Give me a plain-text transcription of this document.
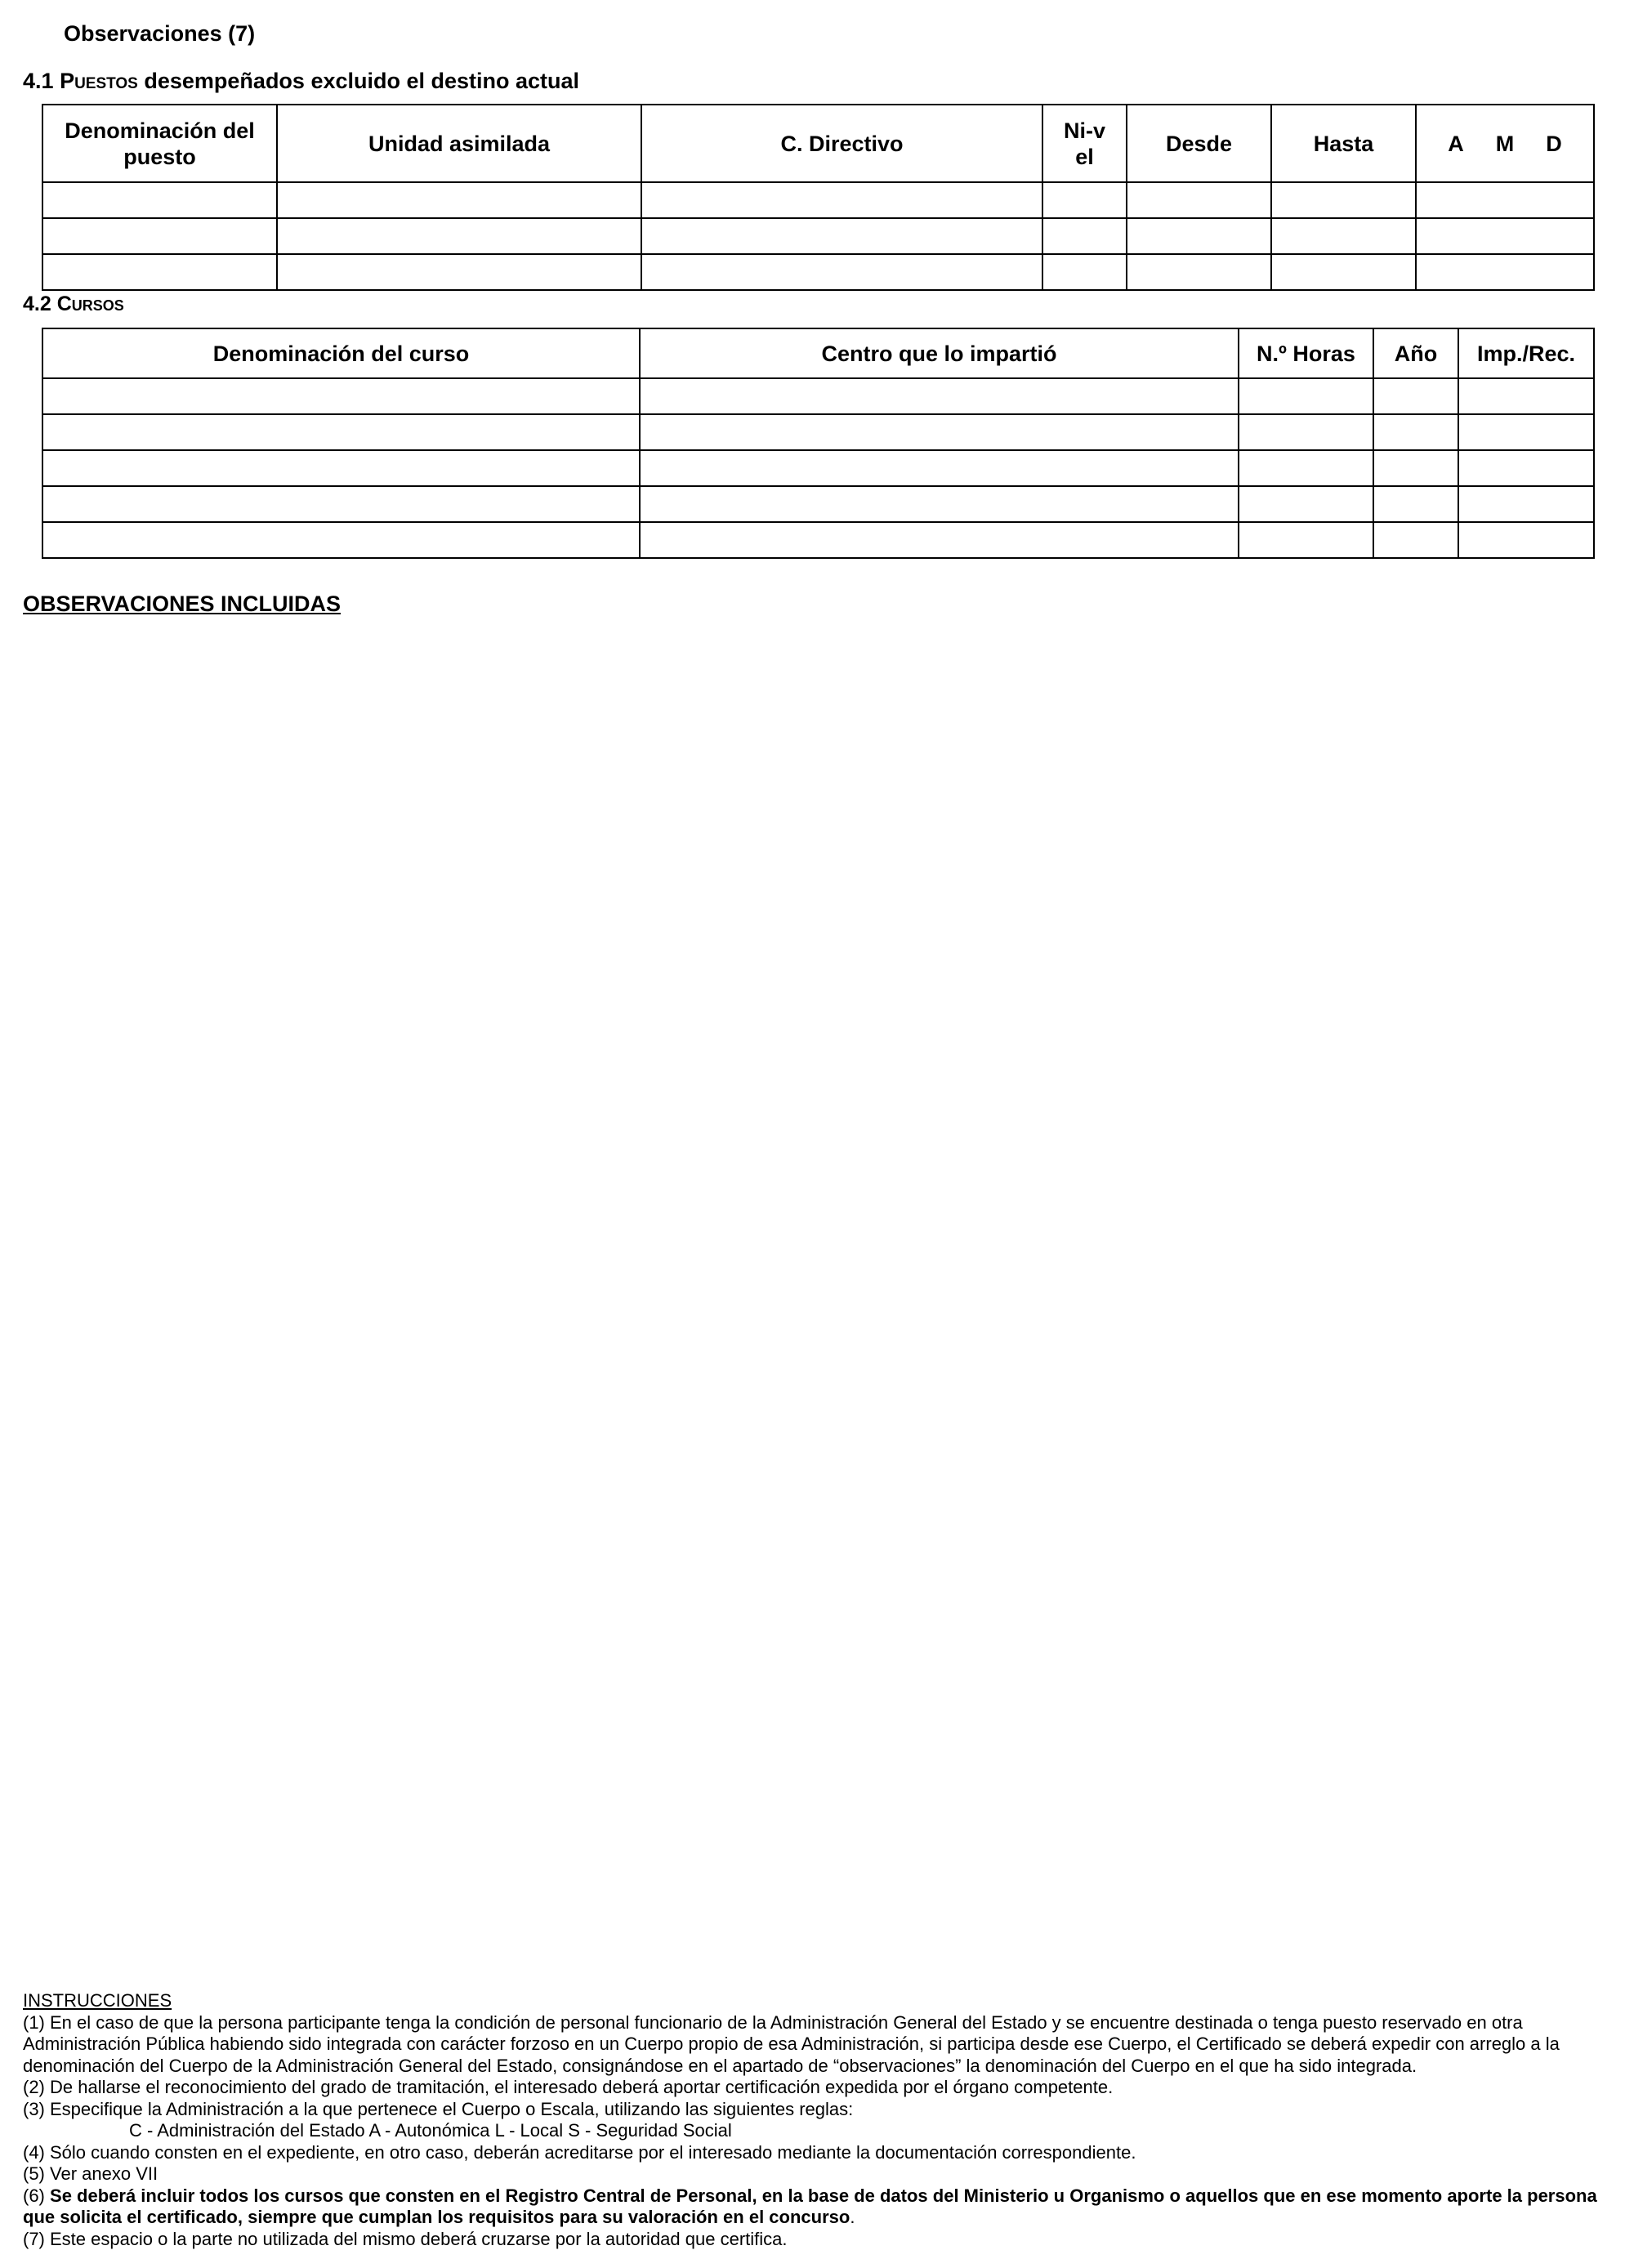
Observaciones (7)
4.1 Puestos desempeñados excluido el destino actual
Denominación del puesto	Unidad asimilada	C. Directivo	Ni-vel	Desde	Hasta	A M D

4.2 Cursos
Denominación del curso	Centro que lo impartió	N.º Horas	Año	Imp./Rec.

OBSERVACIONES INCLUIDAS

INSTRUCCIONES

(1) En el caso de que la persona participante tenga la condición de personal funcionario de la Administración General del Estado y se encuentre destinada o tenga puesto reservado en otra Administración Pública habiendo sido integrada con carácter forzoso en un Cuerpo propio de esa Administración, si participa desde ese Cuerpo, el Certificado se deberá expedir con arreglo a la denominación del Cuerpo de la Administración General del Estado, consignándose en el apartado de “observaciones” la denominación del Cuerpo en el que ha sido integrada.

(2) De hallarse el reconocimiento del grado de tramitación, el interesado deberá aportar certificación expedida por el órgano competente.

(3) Especifique la Administración a la que pertenece el Cuerpo o Escala, utilizando las siguientes reglas:

C - Administración del Estado A - Autonómica L - Local S - Seguridad Social

(4) Sólo cuando consten en el expediente, en otro caso, deberán acreditarse por el interesado mediante la documentación correspondiente.

(5) Ver anexo VII

(6) Se deberá incluir todos los cursos que consten en el Registro Central de Personal, en la base de datos del Ministerio u Organismo o aquellos que en ese momento aporte la persona que solicita el certificado, siempre que cumplan los requisitos para su valoración en el concurso.

(7) Este espacio o la parte no utilizada del mismo deberá cruzarse por la autoridad que certifica.
